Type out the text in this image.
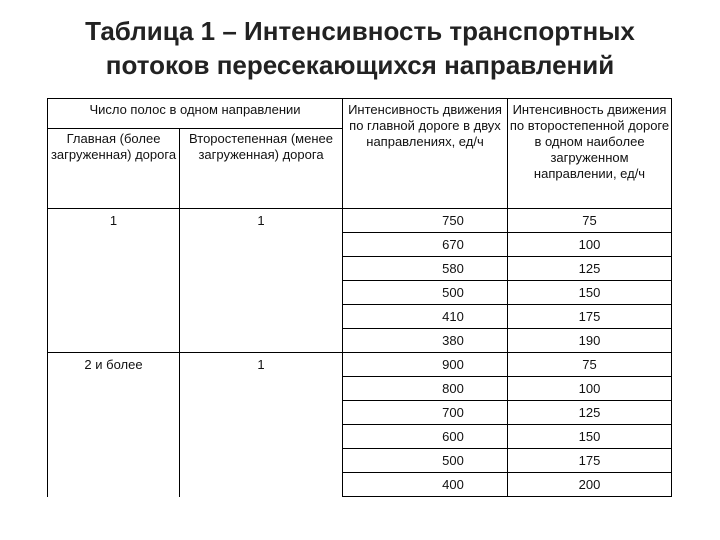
Таблица 1 – Интенсивность транспортных
потоков пересекающихся направлений
Число полос в одном направлении		Интенсивность движения по главной дороге в двух направлениях, ед/ч	Интенсивность движения по второстепенной дороге в одном наиболее загруженном направлении, ед/ч
Главная (более загруженная) дорога	Второстепенная (менее загруженная) дорога		
1	1	750	75
		670	100
		580	125
		500	150
		410	175
		380	190
2 и более	1	900	75
		800	100
		700	125
		600	150
		500	175
		400	200
